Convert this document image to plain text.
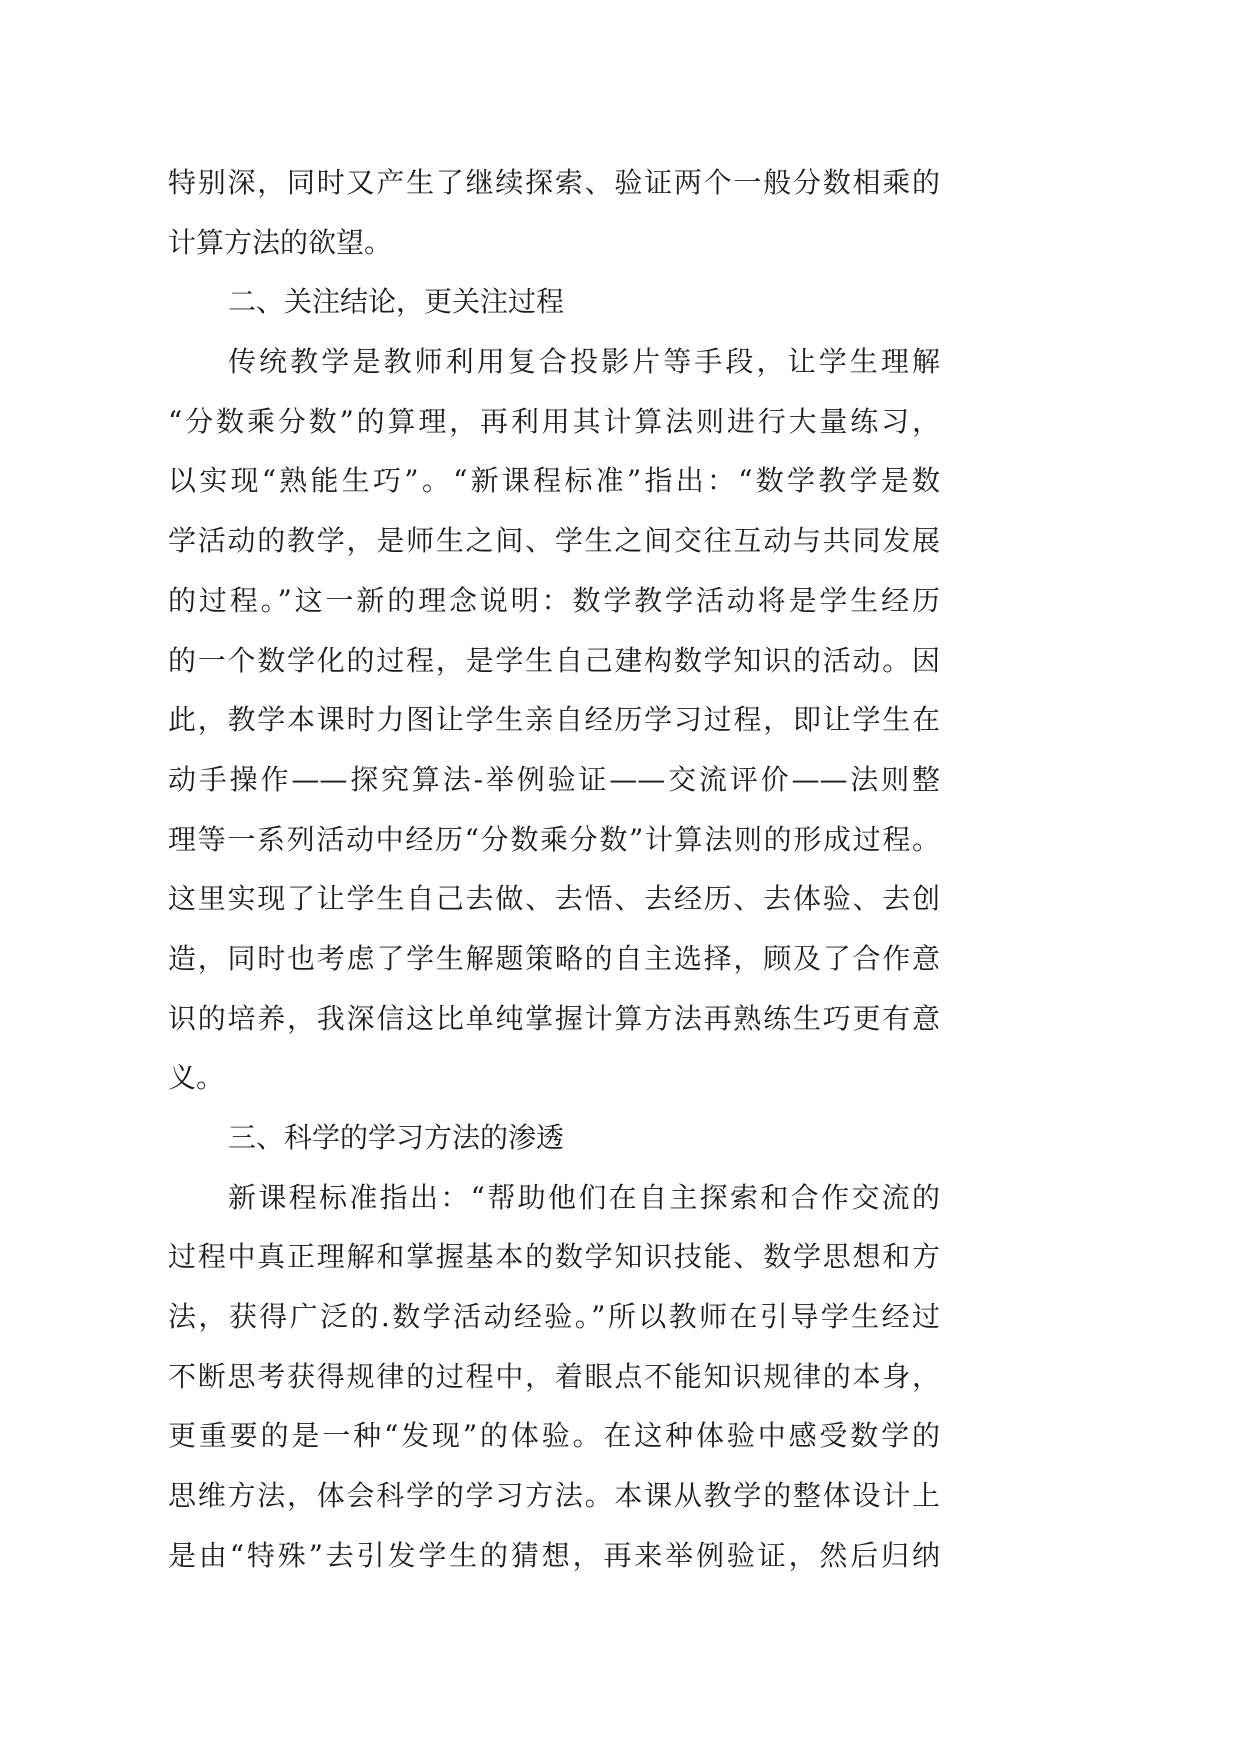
特别深，同时又产生了继续探索、验证两个一般分数相乘的
计算方法的欲望。
二、关注结论，更关注过程
传统教学是教师利用复合投影片等手段，让学生理解
“分数乘分数”的算理，再利用其计算法则进行大量练习，
以实现“熟能生巧”。“新课程标准”指出：“数学教学是数
学活动的教学，是师生之间、学生之间交往互动与共同发展
的过程。”这一新的理念说明：数学教学活动将是学生经历
的一个数学化的过程，是学生自己建构数学知识的活动。因
此，教学本课时力图让学生亲自经历学习过程，即让学生在
动手操作——探究算法-举例验证——交流评价——法则整
理等一系列活动中经历“分数乘分数”计算法则的形成过程。
这里实现了让学生自己去做、去悟、去经历、去体验、去创
造，同时也考虑了学生解题策略的自主选择，顾及了合作意
识的培养，我深信这比单纯掌握计算方法再熟练生巧更有意
义。
三、科学的学习方法的渗透
新课程标准指出：“帮助他们在自主探索和合作交流的
过程中真正理解和掌握基本的数学知识技能、数学思想和方
法，获得广泛的.数学活动经验。”所以教师在引导学生经过
不断思考获得规律的过程中，着眼点不能知识规律的本身，
更重要的是一种“发现”的体验。在这种体验中感受数学的
思维方法，体会科学的学习方法。本课从教学的整体设计上
是由“特殊”去引发学生的猜想，再来举例验证，然后归纳
